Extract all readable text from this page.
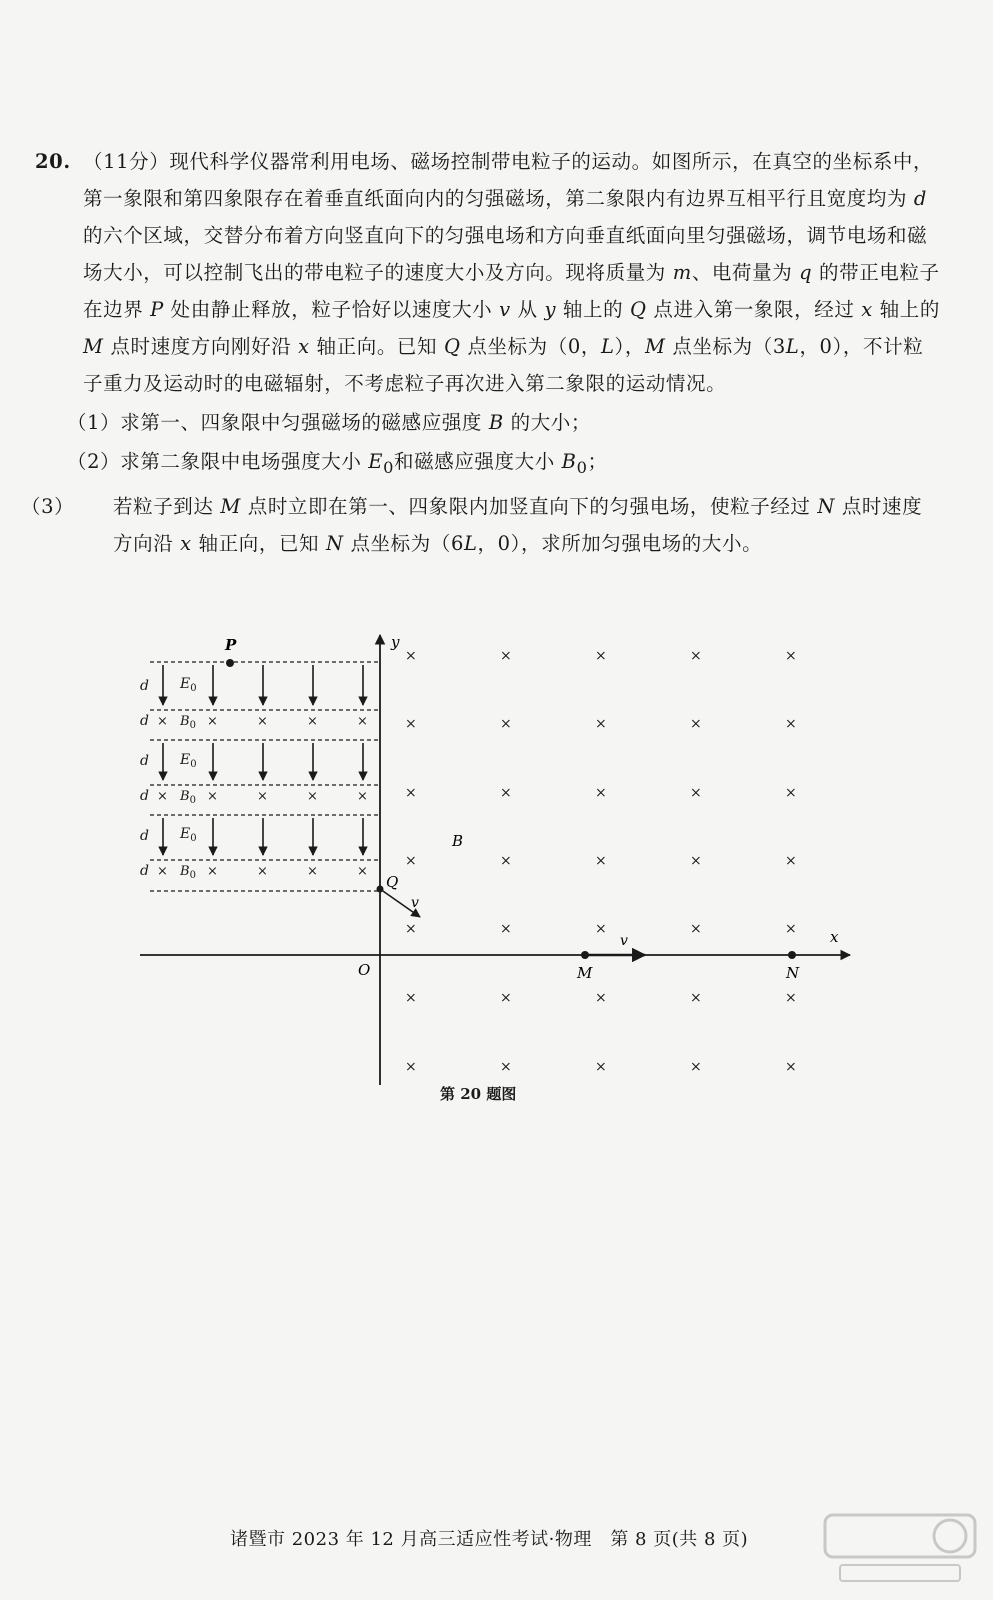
20. （11分）现代科学仪器常利用电场、磁场控制带电粒子的运动。如图所示，在真空的坐标系中，第一象限和第四象限存在着垂直纸面向内的匀强磁场，第二象限内有边界互相平行且宽度均为 d 的六个区域，交替分布着方向竖直向下的匀强电场和方向垂直纸面向里匀强磁场，调节电场和磁场大小，可以控制飞出的带电粒子的速度大小及方向。现将质量为 m、电荷量为 q 的带正电粒子在边界 P 处由静止释放，粒子恰好以速度大小 v 从 y 轴上的 Q 点进入第一象限，经过 x 轴上的 M 点时速度方向刚好沿 x 轴正向。已知 Q 点坐标为（0，L），M 点坐标为（3L，0），不计粒子重力及运动时的电磁辐射，不考虑粒子再次进入第二象限的运动情况。
（1）求第一、四象限中匀强磁场的磁感应强度 B 的大小；
（2）求第二象限中电场强度大小 $E_0$和磁感应强度大小 $B_0$；
（3） 若粒子到达 M 点时立即在第一、四象限内加竖直向下的匀强电场，使粒子经过 N 点时速度方向沿 x 轴正向，已知 N 点坐标为（6L，0），求所加匀强电场的大小。
d
d
d
d
d
d
$E_0$
$E_0$
$E_0$
× $B_0$ ×	×	×	×
× $B_0$ ×	×	×	×
× $B_0$ ×	×	×	×
P
×	×	×	×	×
×	×	×	×	×
×	×	×	×	×
×	×	×	×	×
×	×	×	×	×
×	×	×	×	×
×	×	×	×	×
y
x
O
B
Q
v
v
M	N
第 20 题图
诸暨市 2023 年 12 月高三适应性考试·物理　第 8 页(共 8 页)
